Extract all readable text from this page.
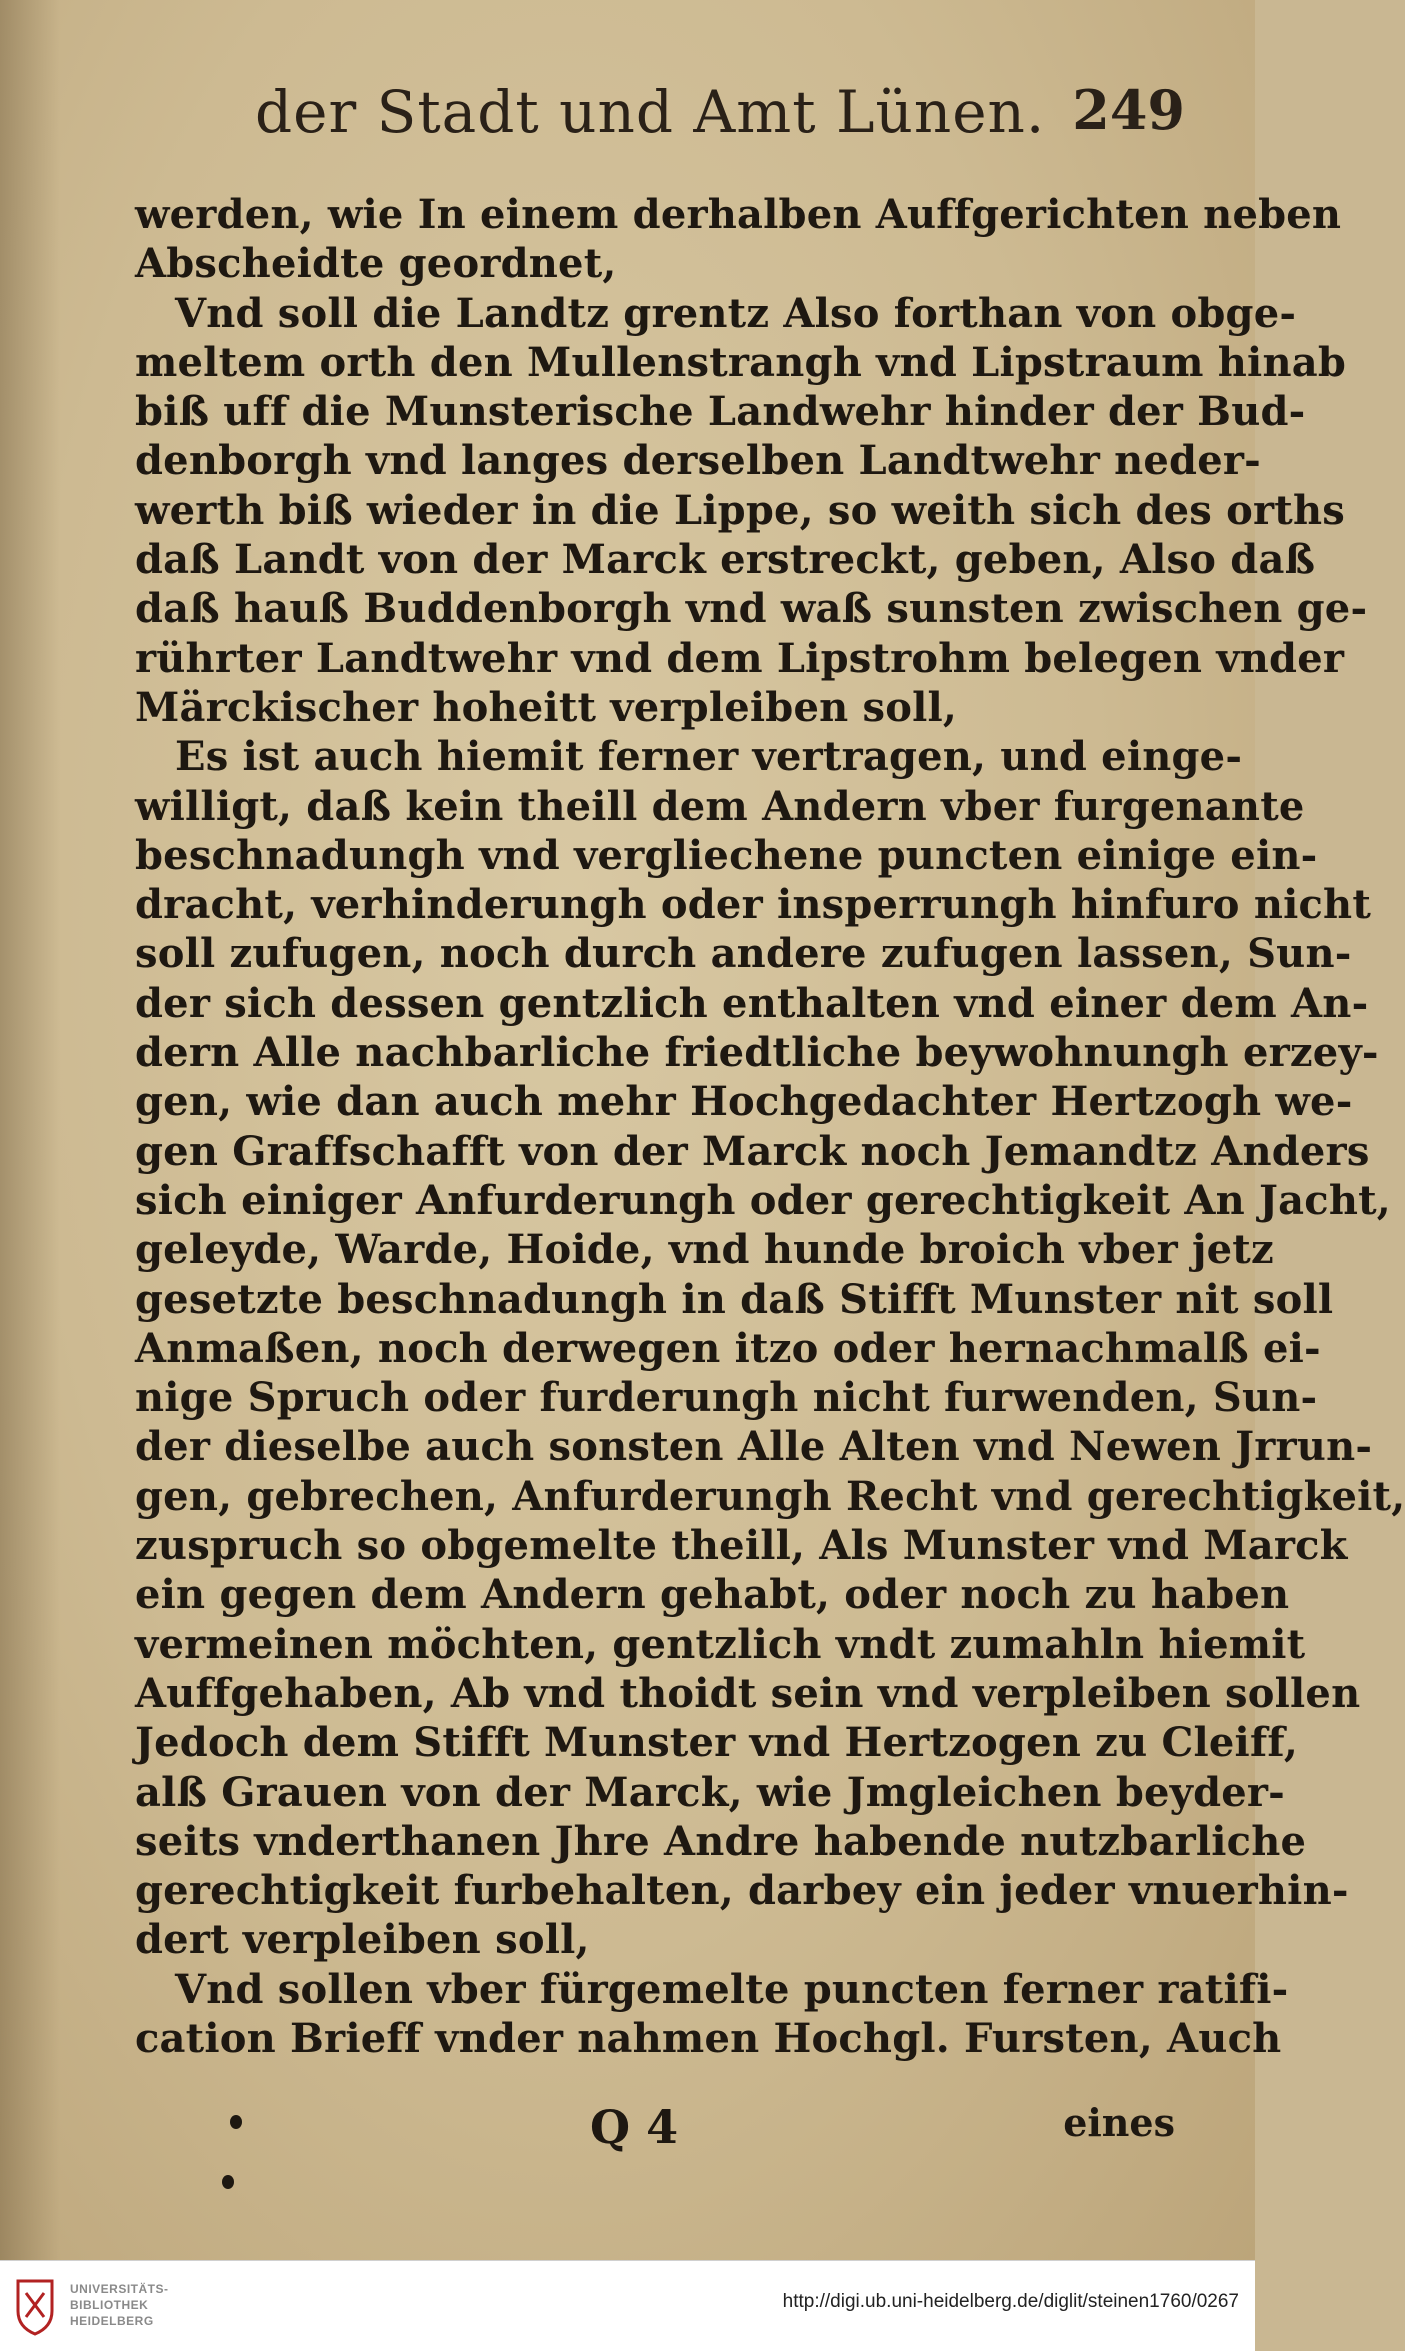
der Stadt und Amt Lünen. 249
werden, wie In einem derhalben Auffgerichten neben
Abscheidte geordnet,
Vnd soll die Landtz grentz Also forthan von obge-
meltem orth den Mullenstrangh vnd Lipstraum hinab
biß uff die Munsterische Landwehr hinder der Bud-
denborgh vnd langes derselben Landtwehr neder-
werth biß wieder in die Lippe, so weith sich des orths
daß Landt von der Marck erstreckt, geben, Also daß
daß hauß Buddenborgh vnd waß sunsten zwischen ge-
rührter Landtwehr vnd dem Lipstrohm belegen vnder
Märckischer hoheitt verpleiben soll,
Es ist auch hiemit ferner vertragen, und einge-
willigt, daß kein theill dem Andern vber furgenante
beschnadungh vnd vergliechene puncten einige ein-
dracht, verhinderungh oder insperrungh hinfuro nicht
soll zufugen, noch durch andere zufugen lassen, Sun-
der sich dessen gentzlich enthalten vnd einer dem An-
dern Alle nachbarliche friedtliche beywohnungh erzey-
gen, wie dan auch mehr Hochgedachter Hertzogh we-
gen Graffschafft von der Marck noch Jemandtz Anders
sich einiger Anfurderungh oder gerechtigkeit An Jacht,
geleyde, Warde, Hoide, vnd hunde broich vber jetz
gesetzte beschnadungh in daß Stifft Munster nit soll
Anmaßen, noch derwegen itzo oder hernachmalß ei-
nige Spruch oder furderungh nicht furwenden, Sun-
der dieselbe auch sonsten Alle Alten vnd Newen Jrrun-
gen, gebrechen, Anfurderungh Recht vnd gerechtigkeit,
zuspruch so obgemelte theill, Als Munster vnd Marck
ein gegen dem Andern gehabt, oder noch zu haben
vermeinen möchten, gentzlich vndt zumahln hiemit
Auffgehaben, Ab vnd thoidt sein vnd verpleiben sollen
Jedoch dem Stifft Munster vnd Hertzogen zu Cleiff,
alß Grauen von der Marck, wie Jmgleichen beyder-
seits vnderthanen Jhre Andre habende nutzbarliche
gerechtigkeit furbehalten, darbey ein jeder vnuerhin-
dert verpleiben soll,
Vnd sollen vber fürgemelte puncten ferner ratifi-
cation Brieff vnder nahmen Hochgl. Fursten, Auch
Q 4	eines
UNIVERSITÄTS-
BIBLIOTHEK
HEIDELBERG
http://digi.ub.uni-heidelberg.de/diglit/steinen1760/0267
